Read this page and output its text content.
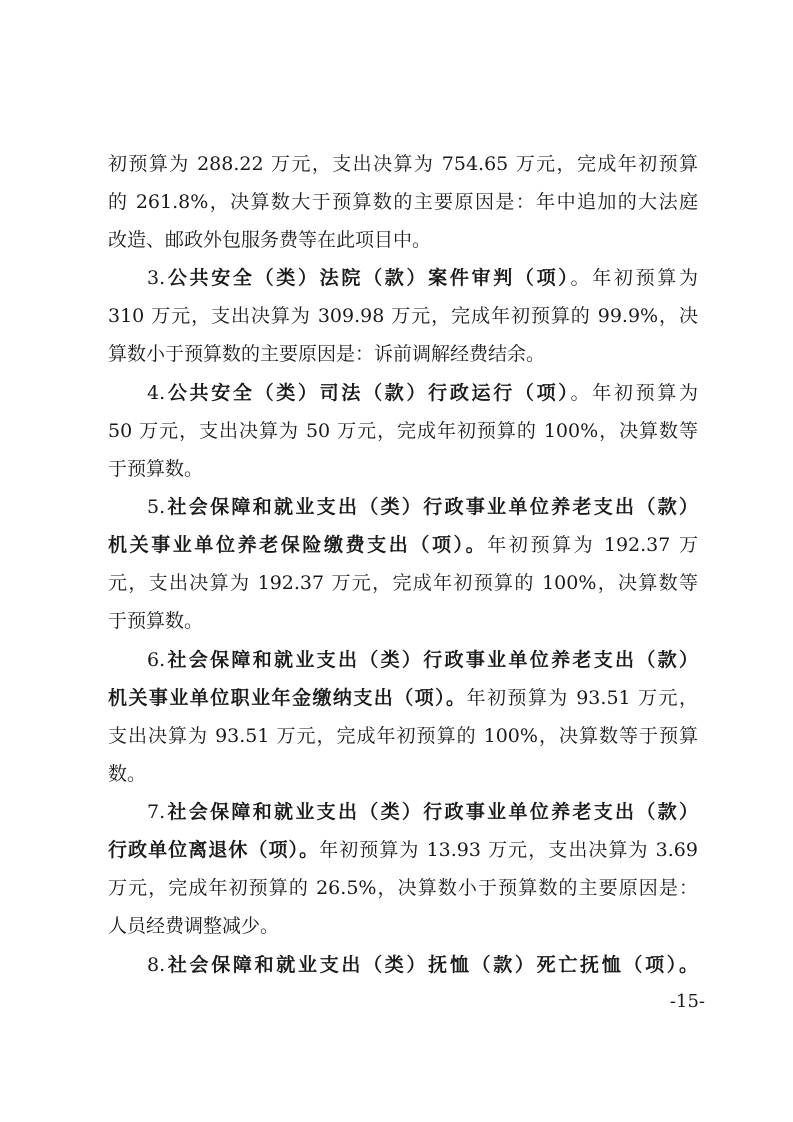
初预算为 288.22 万元，支出决算为 754.65 万元，完成年初预算
的 261.8%，决算数大于预算数的主要原因是：年中追加的大法庭
改造、邮政外包服务费等在此项目中。
3.公共安全（类）法院（款）案件审判（项）。年初预算为
310 万元，支出决算为 309.98 万元，完成年初预算的 99.9%，决
算数小于预算数的主要原因是：诉前调解经费结余。
4.公共安全（类）司法（款）行政运行（项）。年初预算为
50 万元，支出决算为 50 万元，完成年初预算的 100%，决算数等
于预算数。
5.社会保障和就业支出（类）行政事业单位养老支出（款）
机关事业单位养老保险缴费支出（项）。年初预算为 192.37 万
元，支出决算为 192.37 万元，完成年初预算的 100%，决算数等
于预算数。
6.社会保障和就业支出（类）行政事业单位养老支出（款）
机关事业单位职业年金缴纳支出（项）。年初预算为 93.51 万元，
支出决算为 93.51 万元，完成年初预算的 100%，决算数等于预算
数。
7.社会保障和就业支出（类）行政事业单位养老支出（款）
行政单位离退休（项）。年初预算为 13.93 万元，支出决算为 3.69
万元，完成年初预算的 26.5%，决算数小于预算数的主要原因是：
人员经费调整减少。
8.社会保障和就业支出（类）抚恤（款）死亡抚恤（项）。
-15-
